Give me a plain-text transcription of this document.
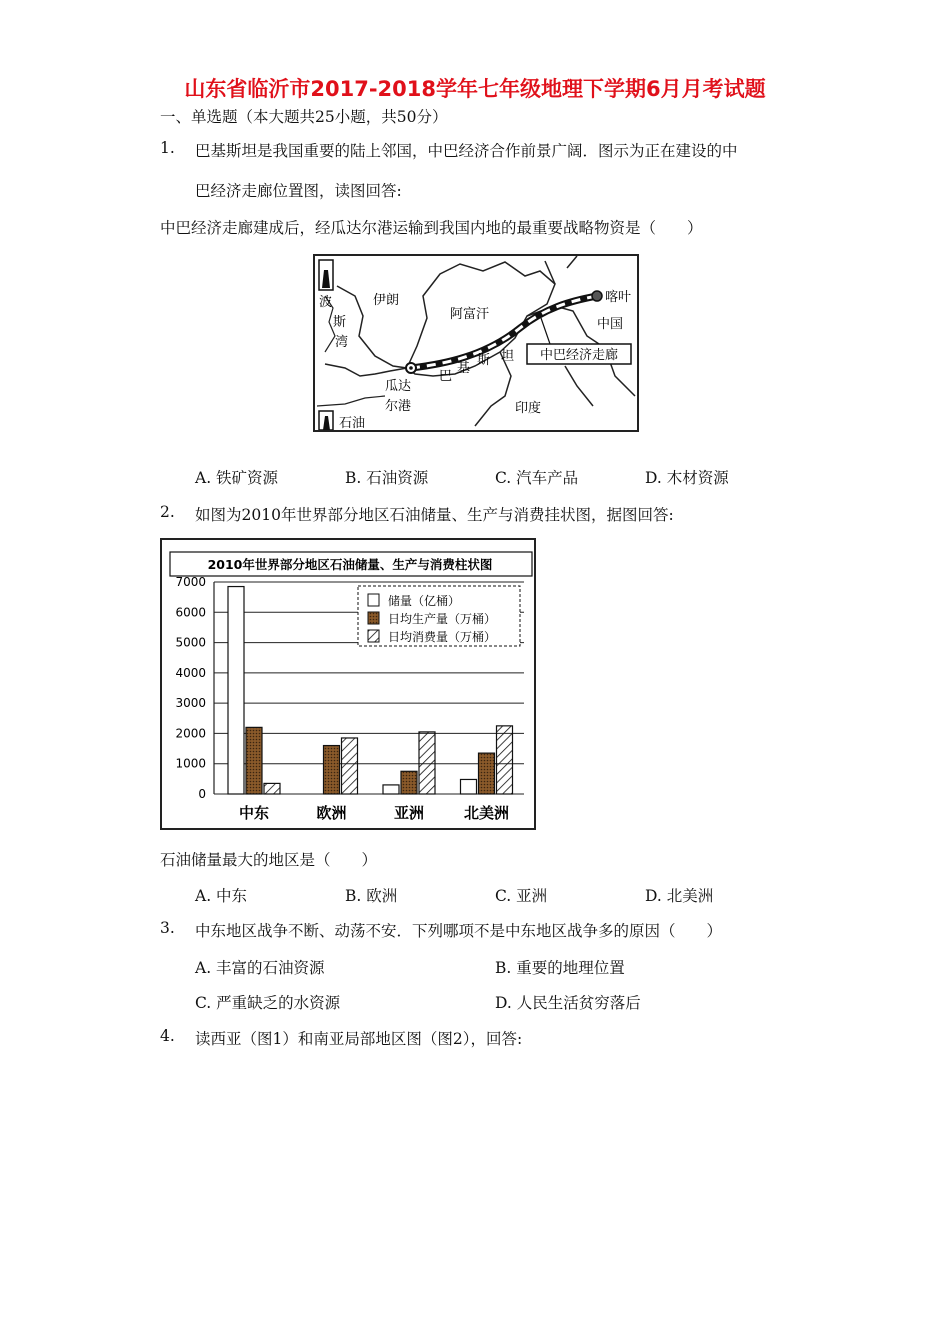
山东省临沂市2017-2018学年七年级地理下学期6月月考试题
一、单选题（本大题共25小题，共50分）
1. 巴基斯坦是我国重要的陆上邻国，中巴经济合作前景广阔．图示为正在建设的中
巴经济走廊位置图，读图回答:
中巴经济走廊建成后，经瓜达尔港运输到我国内地的最重要战略物资是（　　）
中巴经济走廊
波
斯
湾
伊朗
阿富汗
喀叶
中国
巴
基
斯 坦
瓜达
尔港	印度
石油
A. 铁矿资源	B. 石油资源	C. 汽车产品	D. 木材资源
2. 如图为2010年世界部分地区石油储量、生产与消费挂状图，据图回答:
2010年世界部分地区石油储量、生产与消费柱状图
0
1000
2000
3000
4000
5000
6000
7000
中东	欧洲	亚洲	北美洲
储量（亿桶）
日均生产量（万桶）
日均消费量（万桶）
石油储量最大的地区是（　　）
A. 中东	B. 欧洲	C. 亚洲	D. 北美洲
3. 中东地区战争不断、动荡不安．下列哪项不是中东地区战争多的原因（　　）
A. 丰富的石油资源	B. 重要的地理位置
C. 严重缺乏的水资源	D. 人民生活贫穷落后
4. 读西亚（图1）和南亚局部地区图（图2），回答:
